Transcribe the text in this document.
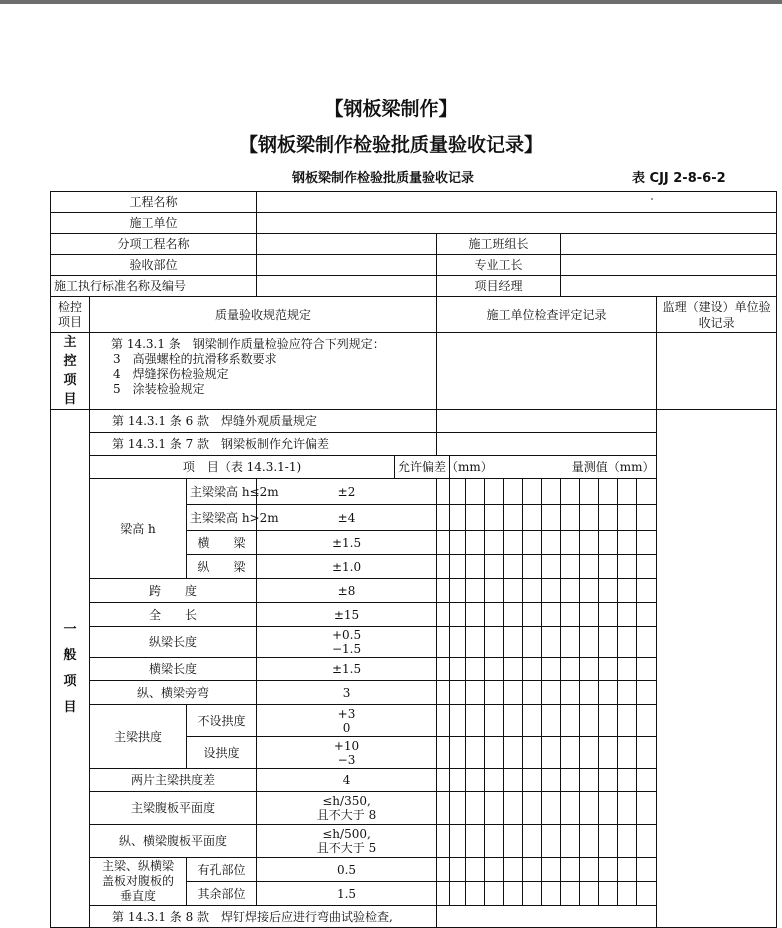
【钢板梁制作】
【钢板梁制作检验批质量验收记录】
钢板梁制作检验批质量验收记录	表 CJJ 2-8-6-2
工程名称																	
施工单位																	
分项工程名称					施工班组长												
验收部位					专业工长												
施工执行标准名称及编号					项目经理												
检控项目	质量验收规范规定				施工单位检查评定记录												监理（建设）单位验收记录

主控项目	第 14.3.1 条　钢梁制作质量检验应符合下列规定：
3　高强螺栓的抗滑移系数要求
4　焊缝探伤检验规定
5　涂装检验规定																

一般项目	第 14.3.1 条 6 款　焊缝外观质量规定																
	第 14.3.1 条 7 款　钢梁板制作允许偏差																
	项　目（表 14.3.1-1)			允许偏差（mm）		量测值（mm）											
	梁高 h	主梁梁高 h≤2m	±2														
		主梁梁高 h>2m	±4														
		横　　梁	±1.5														
		纵　　梁	±1.0														
	跨　　度		±8														
	全　　长		±15														
	纵梁长度		+0.5
−1.5														

	横梁长度		±1.5														
	纵、横梁旁弯		3														
	主梁拱度	不设拱度	+3
0														

		设拱度	+10
−3														

	两片主梁拱度差		4														
	主梁腹板平面度		≤h/350,
且不大于 8														

	纵、横梁腹板平面度		≤h/500,
且不大于 5														

	主梁、纵横梁
盖板对腹板的
垂直度	有孔部位	0.5														
		其余部位	1.5														
	第 14.3.1 条 8 款　焊钉焊接后应进行弯曲试验检查,																
